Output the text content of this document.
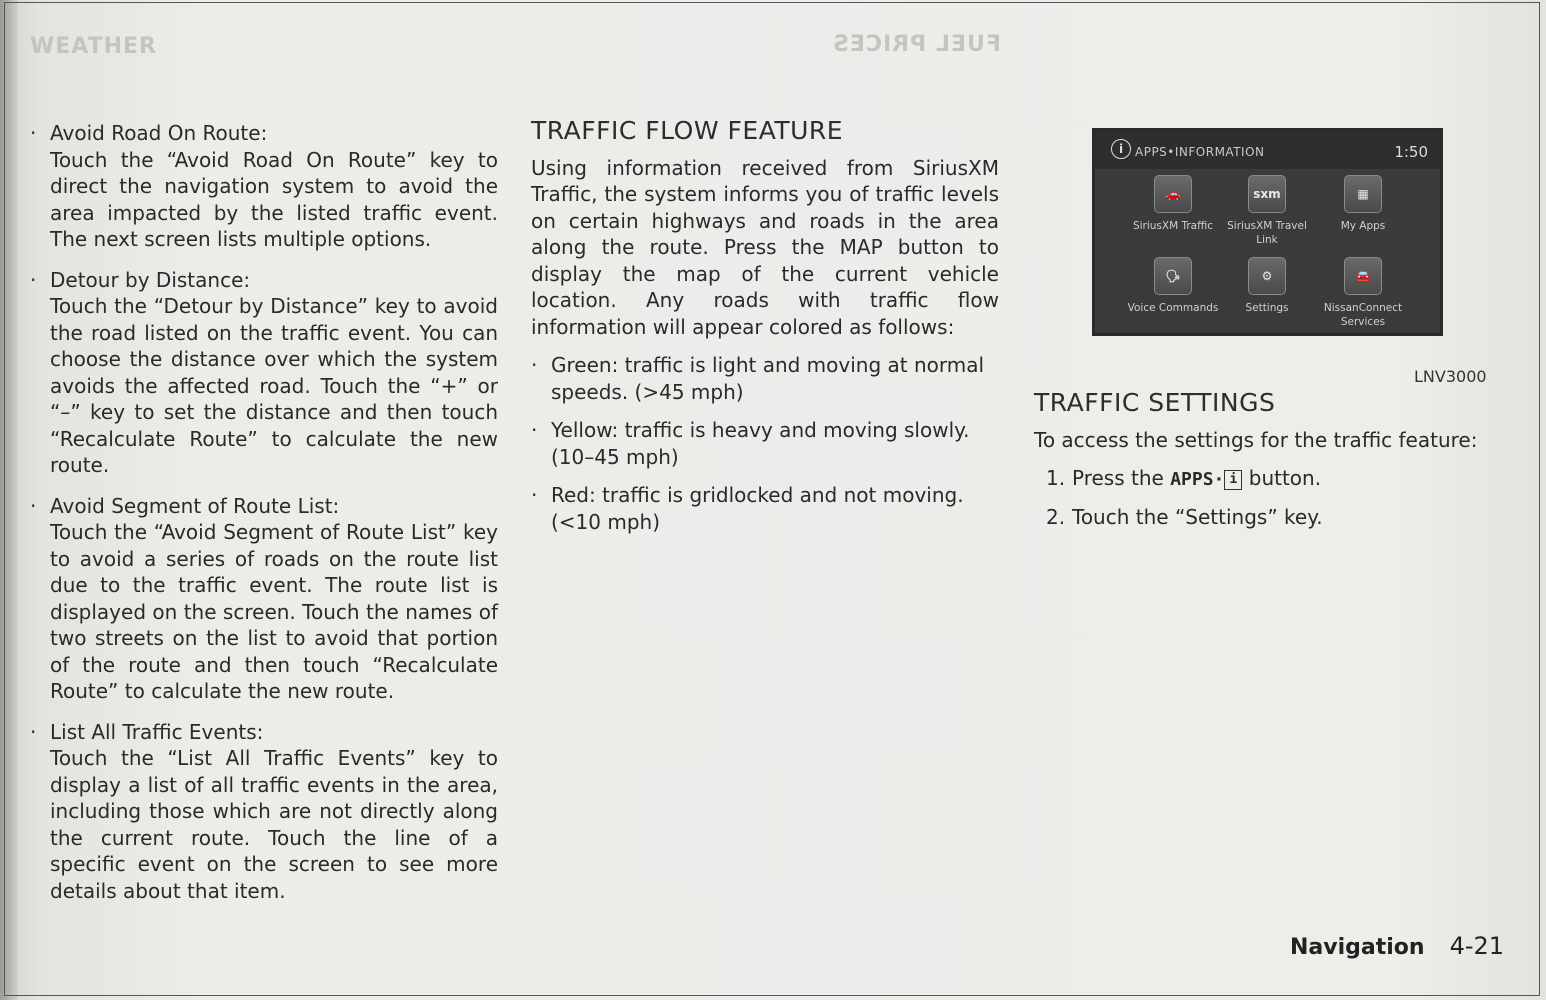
WEATHER	FUEL PRICES
· Avoid Road On Route:
Touch the “Avoid Road On Route” key to direct the navigation system to avoid the area impacted by the listed traffic event. The next screen lists multiple options.
· Detour by Distance:
Touch the “Detour by Distance” key to avoid the road listed on the traffic event. You can choose the distance over which the system avoids the affected road. Touch the “+” or “–” key to set the distance and then touch “Recalculate Route” to calculate the new route.
· Avoid Segment of Route List:
Touch the “Avoid Segment of Route List” key to avoid a series of roads on the route list due to the traffic event. The route list is displayed on the screen. Touch the names of two streets on the list to avoid that portion of the route and then touch “Recalculate Route” to calculate the new route.
· List All Traffic Events:
Touch the “List All Traffic Events” key to display a list of all traffic events in the area, including those which are not directly along the current route. Touch the line of a specific event on the screen to see more details about that item.
TRAFFIC FLOW FEATURE

Using information received from SiriusXM Traffic, the system informs you of traffic levels on certain highways and roads in the area along the route. Press the MAP button to display the map of the current vehicle location. Any roads with traffic flow information will appear colored as follows:

· Green: traffic is light and moving at normal speeds. (>45 mph)
· Yellow: traffic is heavy and moving slowly. (10–45 mph)
· Red: traffic is gridlocked and not moving. (<10 mph)
i APPS•INFORMATION	1:50
🚗
SiriusXM Traffic
sxm
SiriusXM Travel Link
▦
My Apps
🗣
Voice Commands
⚙
Settings
🚘
NissanConnect Services
LNV3000
TRAFFIC SETTINGS

To access the settings for the traffic feature:

1. Press the APPS· i button.
2. Touch the “Settings” key.
Navigation 4-21
